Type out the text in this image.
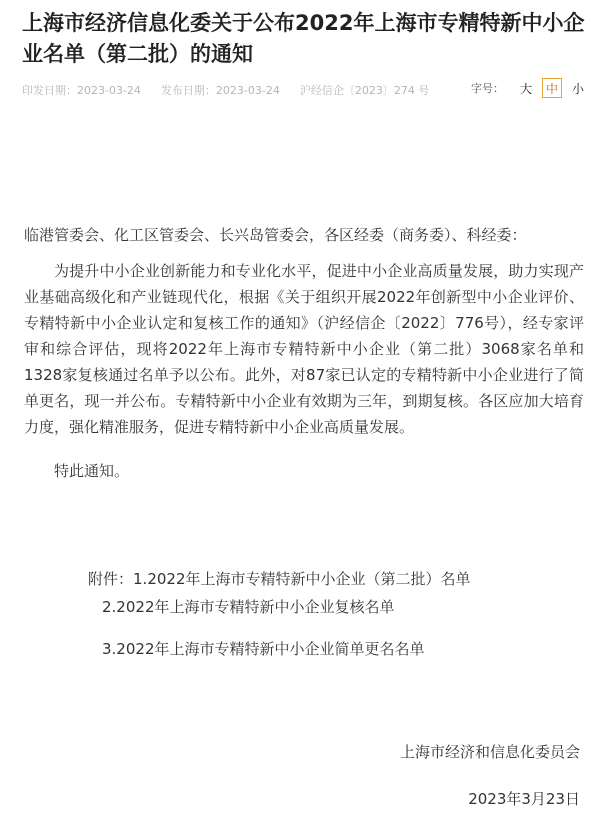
上海市经济信息化委关于公布2022年上海市专精特新中小企业名单（第二批）的通知
印发日期：2023-03-24 发布日期：2023-03-24 沪经信企〔2023〕274 号	字号：	大	中	小

临港管委会、化工区管委会、长兴岛管委会，各区经委（商务委）、科经委：

为提升中小企业创新能力和专业化水平，促进中小企业高质量发展，助力实现产业基础高级化和产业链现代化，根据《关于组织开展2022年创新型中小企业评价、专精特新中小企业认定和复核工作的通知》（沪经信企〔2022〕776号），经专家评审和综合评估，现将2022年上海市专精特新中小企业（第二批）3068家名单和1328家复核通过名单予以公布。此外，对87家已认定的专精特新中小企业进行了简单更名，现一并公布。专精特新中小企业有效期为三年，到期复核。各区应加大培育力度，强化精准服务，促进专精特新中小企业高质量发展。

特此通知。

附件：1.2022年上海市专精特新中小企业（第二批）名单
2.2022年上海市专精特新中小企业复核名单
3.2022年上海市专精特新中小企业简单更名名单
上海市经济和信息化委员会
2023年3月23日
